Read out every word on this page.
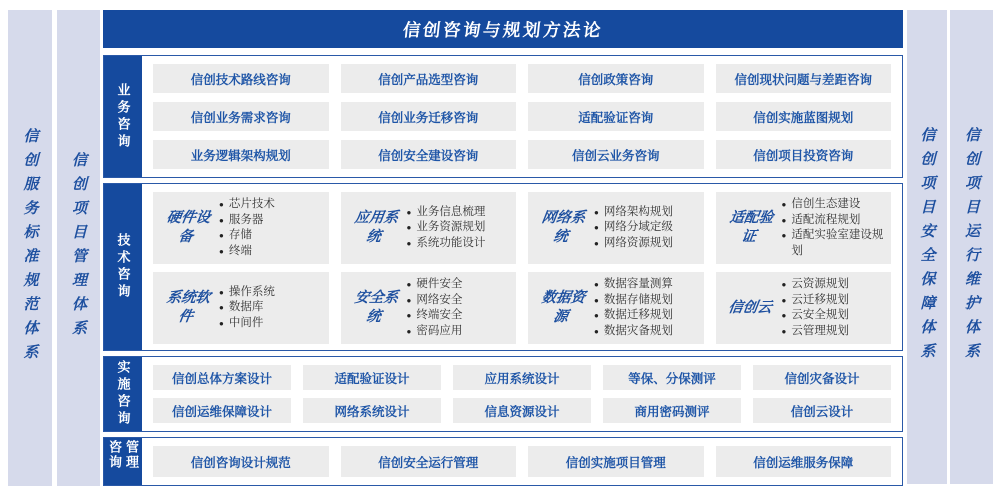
信创服务标准规范体系 信创项目管理体系	信创项目安全保障体系 信创项目运行维护体系
信创咨询与规划方法论
业务咨询
信创技术路线咨询	信创产品选型咨询	信创政策咨询	信创现状问题与差距咨询
信创业务需求咨询	信创业务迁移咨询	适配验证咨询	信创实施蓝图规划
业务逻辑架构规划	信创安全建设咨询	信创云业务咨询	信创项目投资咨询
技术咨询
硬件设备
● 芯片技术
● 服务器
● 存储
● 终端
应用系统
● 业务信息梳理
● 业务资源规划
● 系统功能设计
网络系统
● 网络架构规划
● 网络分域定级
● 网络资源规划
适配验证
● 信创生态建设
● 适配流程规划
● 适配实验室建设规划
系统软件
● 操作系统
● 数据库
● 中间件
安全系统
● 硬件安全
● 网络安全
● 终端安全
● 密码应用
数据资源
● 数据容量测算
● 数据存储规划
● 数据迁移规划
● 数据灾备规划
信创云
● 云资源规划
● 云迁移规划
● 云安全规划
● 云管理规划
实施咨询	信创总体方案设计	适配验证设计	应用系统设计	等保、分保测评	信创灾备设计
信创运维保障设计	网络系统设计	信息资源设计	商用密码测评	信创云设计
咨询管理	信创咨询设计规范	信创安全运行管理	信创实施项目管理	信创运维服务保障
